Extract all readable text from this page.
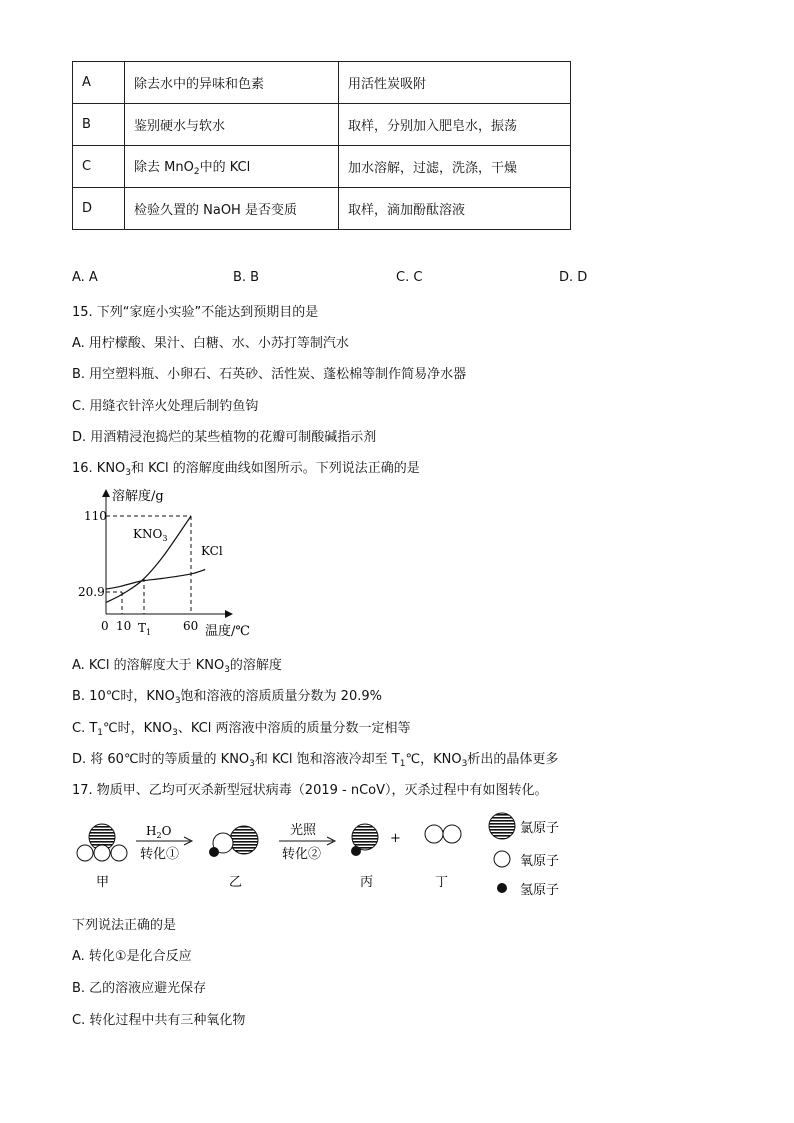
A	除去水中的异味和色素	用活性炭吸附
B	鉴别硬水与软水	取样，分别加入肥皂水，振荡
C	除去 MnO$_2$中的 KCl	加水溶解，过滤，洗涤，干燥
D	检验久置的 NaOH 是否变质	取样，滴加酚酞溶液
A. A	B. B	C. C	D. D
15. 下列“家庭小实验”不能达到预期目的是
A. 用柠檬酸、果汁、白糖、水、小苏打等制汽水
B. 用空塑料瓶、小卵石、石英砂、活性炭、蓬松棉等制作简易净水器
C. 用缝衣针淬火处理后制钓鱼钩
D. 用酒精浸泡捣烂的某些植物的花瓣可制酸碱指示剂
16. $KNO_3$和 KCl 的溶解度曲线如图所示。下列说法正确的是
溶解度/g
温度/℃
110
20.9
0 10 $T_1$	60
$KNO_3$
KCl
A. KCl 的溶解度大于 $KNO_3$的溶解度
B. 10℃时，$KNO_3$饱和溶液的溶质质量分数为 20.9%
C. $T_1℃$时，$KNO_3$、KCl 两溶液中溶质的质量分数一定相等
D. 将 60℃时的等质量的 $KNO_3$和 KCl 饱和溶液冷却至 $T_1℃$，$KNO_3$析出的晶体更多
17. 物质甲、乙均可灭杀新型冠状病毒（2019 - nCoV），灭杀过程中有如图转化。
甲
$H_2O$
转化①
乙
光照
转化②
丙
+
丁
氯原子
氧原子
氢原子
下列说法正确的是
A. 转化①是化合反应
B. 乙的溶液应避光保存
C. 转化过程中共有三种氧化物
